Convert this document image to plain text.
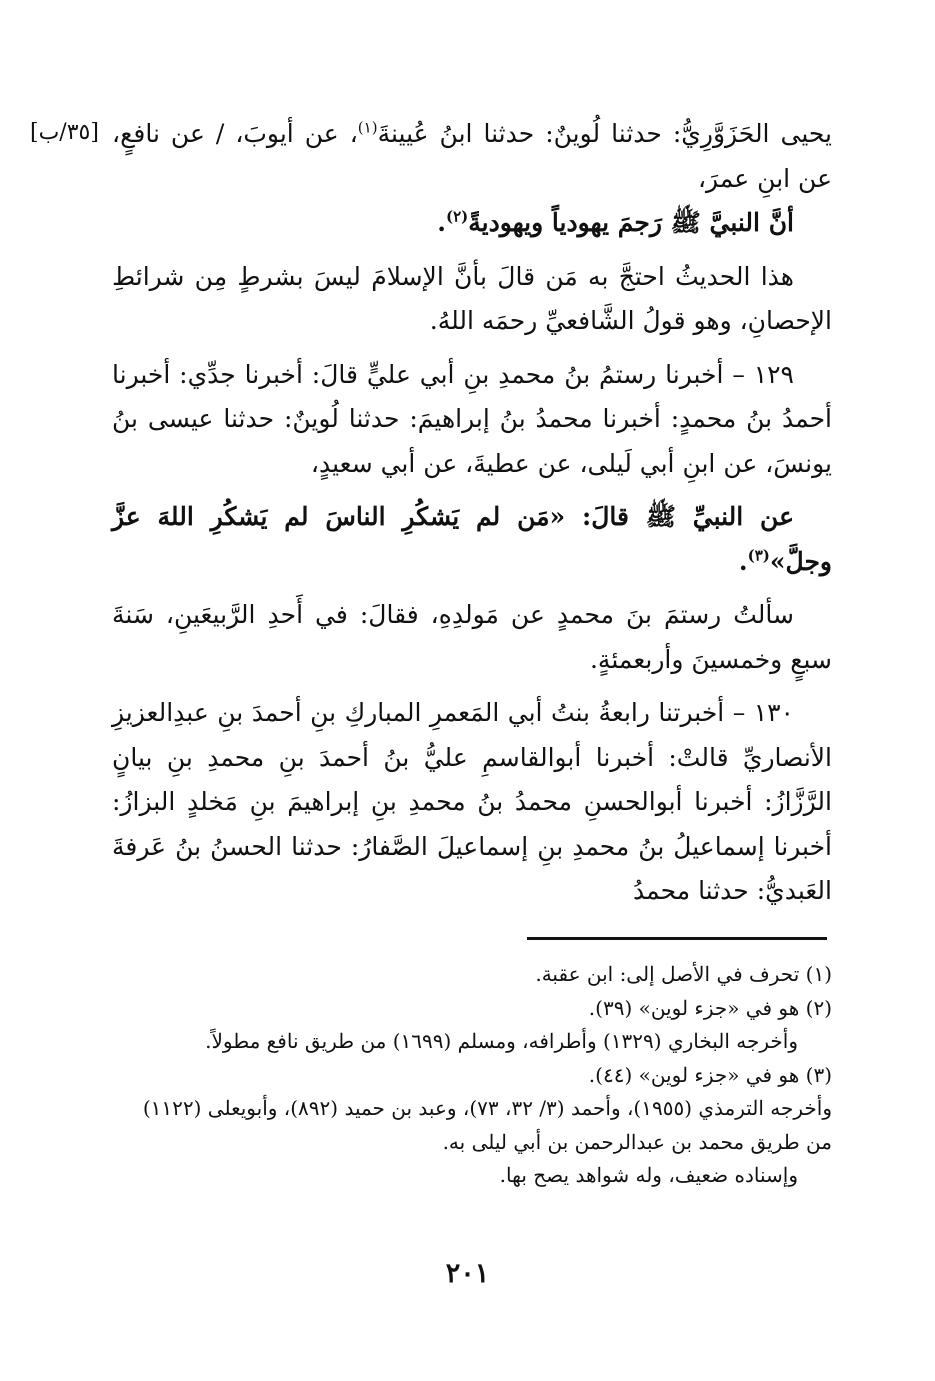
[٣٥/ب]	يحيى الحَزَوَّرِيُّ: حدثنا لُوينٌ: حدثنا ابنُ عُيينةَ$^{(١)}$، عن أيوبَ، / عن نافعٍ، عن ابنِ عمرَ،

أنَّ النبيَّ ﷺ رَجمَ يهودياً ويهوديةً$^{(٢)}$.

هذا الحديثُ احتجَّ به مَن قالَ بأنَّ الإسلامَ ليسَ بشرطٍ مِن شرائطِ الإحصانِ، وهو قولُ الشَّافعيِّ رحمَه اللهُ.

١٢٩ – أخبرنا رستمُ بنُ محمدِ بنِ أبي عليٍّ قالَ: أخبرنا جدِّي: أخبرنا أحمدُ بنُ محمدٍ: أخبرنا محمدُ بنُ إبراهيمَ: حدثنا لُوينٌ: حدثنا عيسى بنُ يونسَ، عن ابنِ أبي لَيلى، عن عطيةَ، عن أبي سعيدٍ،

عن النبيِّ ﷺ قالَ: «مَن لم يَشكُرِ الناسَ لم يَشكُرِ اللهَ عزَّ وجلَّ»$^{(٣)}$.

سألتُ رستمَ بنَ محمدٍ عن مَولدِهِ، فقالَ: في أَحدِ الرَّبيعَينِ، سَنةَ سبعٍ وخمسينَ وأربعمئةٍ.

١٣٠ – أخبرتنا رابعةُ بنتُ أبي المَعمرِ المباركِ بنِ أحمدَ بنِ عبدِالعزيزِ الأنصاريِّ قالتْ: أخبرنا أبوالقاسمِ عليُّ بنُ أحمدَ بنِ محمدِ بنِ بيانٍ الرَّزَّازُ: أخبرنا أبوالحسنِ محمدُ بنُ محمدِ بنِ إبراهيمَ بنِ مَخلدٍ البزازُ: أخبرنا إسماعيلُ بنُ محمدِ بنِ إسماعيلَ الصَّفارُ: حدثنا الحسنُ بنُ عَرفةَ العَبديُّ: حدثنا محمدُ

(١) تحرف في الأصل إلى: ابن عقبة.

(٢) هو في «جزء لوين» (٣٩).

وأخرجه البخاري (١٣٢٩) وأطرافه، ومسلم (١٦٩٩) من طريق نافع مطولاً.

(٣) هو في «جزء لوين» (٤٤).

وأخرجه الترمذي (١٩٥٥)، وأحمد (٣/ ٣٢، ٧٣)، وعبد بن حميد (٨٩٢)، وأبويعلى (١١٢٢) من طريق محمد بن عبدالرحمن بن أبي ليلى به.

وإسناده ضعيف، وله شواهد يصح بها.

٢٠١
